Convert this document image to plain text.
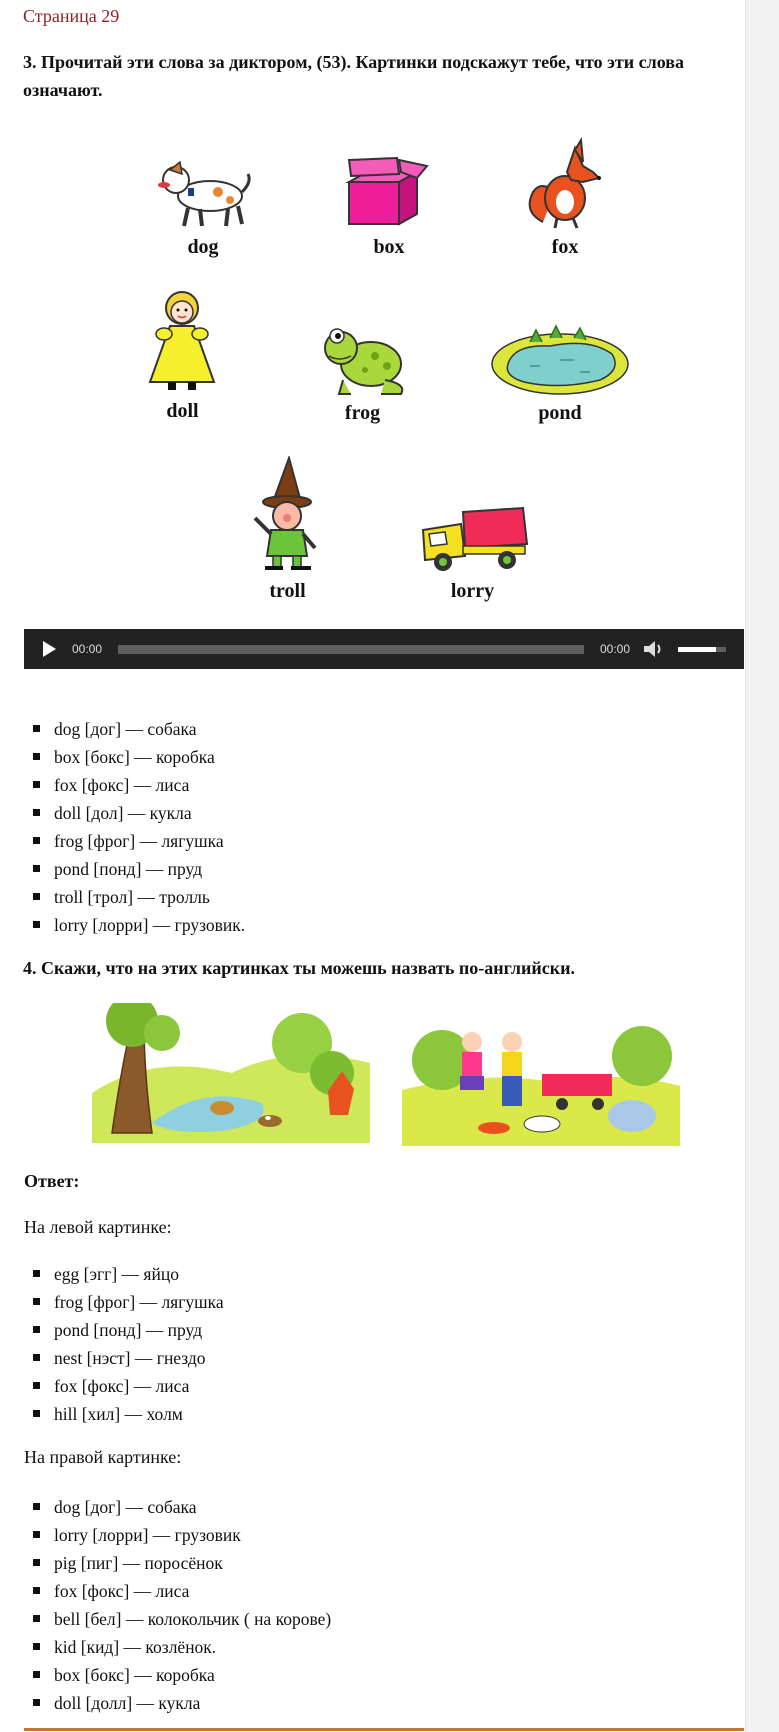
Страница 29
3. Прочитай эти слова за диктором, (53). Картинки подскажут тебе, что эти слова означают.
dog	box	fox
doll	frog	pond
troll	lorry
00:00	00:00
dog [дог] — собака
box [бокс] — коробка
fox [фокс] — лиса
doll [дол] — кукла
frog [фрог] — лягушка
pond [понд] — пруд
troll [трол] — тролль
lorry [лорри] — грузовик.
4. Скажи, что на этих картинках ты можешь назвать по-английски.
Ответ:
На левой картинке:
egg [эгг] — яйцо
frog [фрог] — лягушка
pond [понд] — пруд
nest [нэст] — гнездо
fox [фокс] — лиса
hill [хил] — холм
На правой картинке:
dog [дог] — собака
lorry [лорри] — грузовик
pig [пиг] — поросёнок
fox [фокс] — лиса
bell [бел] — колокольчик ( на корове)
kid [кид] — козлёнок.
box [бокс] — коробка
doll [долл] — кукла
